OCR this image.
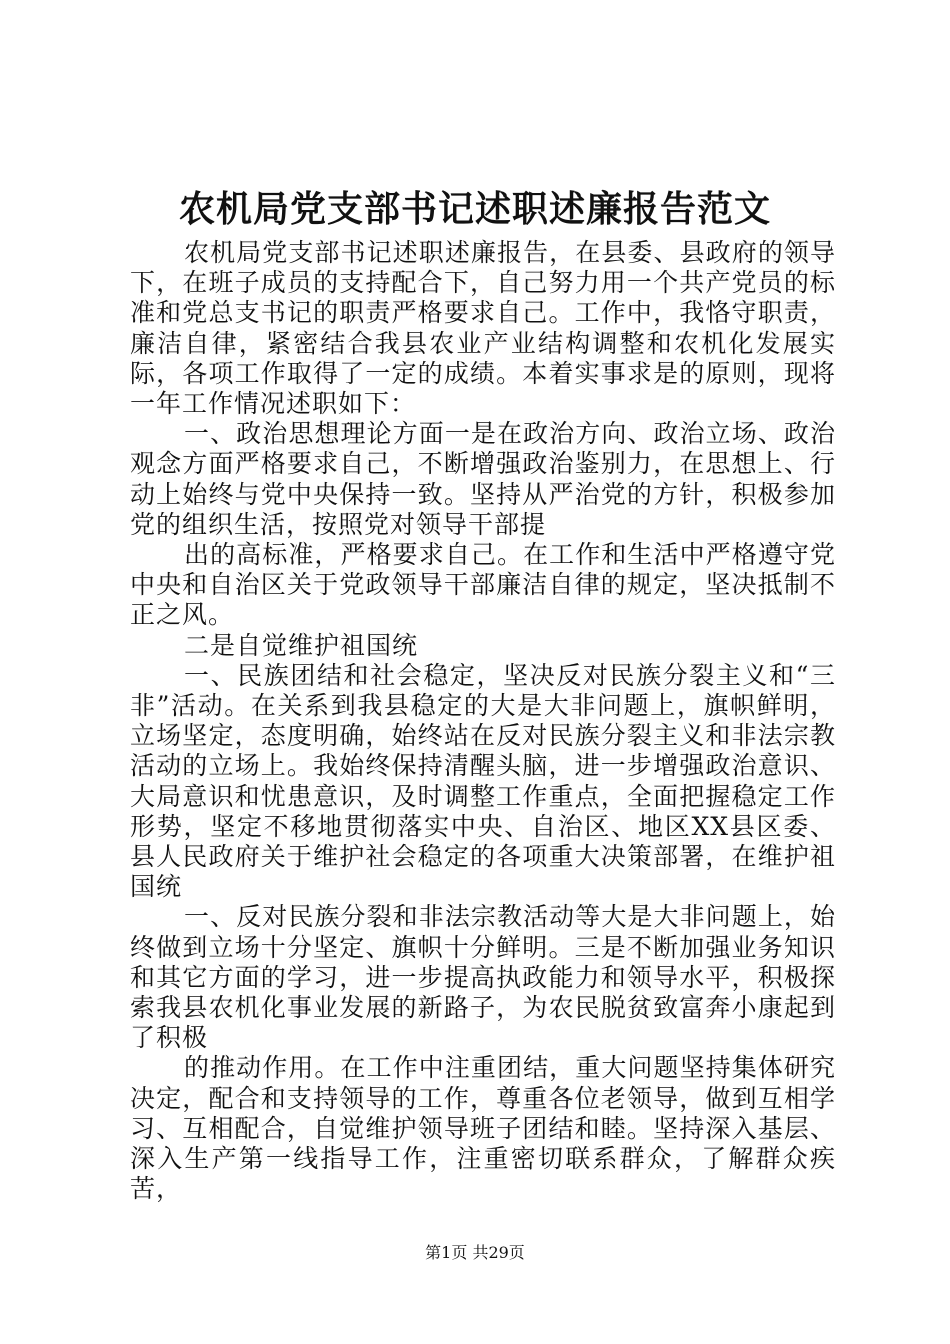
农机局党支部书记述职述廉报告范文

农机局党支部书记述职述廉报告，在县委、县政府的领导下，在班子成员的支持配合下，自己努力用一个共产党员的标准和党总支书记的职责严格要求自己。工作中，我恪守职责，廉洁自律，紧密结合我县农业产业结构调整和农机化发展实际，各项工作取得了一定的成绩。本着实事求是的原则，现将一年工作情况述职如下：

一、政治思想理论方面一是在政治方向、政治立场、政治观念方面严格要求自己，不断增强政治鉴别力，在思想上、行动上始终与党中央保持一致。坚持从严治党的方针，积极参加党的组织生活，按照党对领导干部提

出的高标准，严格要求自己。在工作和生活中严格遵守党中央和自治区关于党政领导干部廉洁自律的规定，坚决抵制不正之风。

二是自觉维护祖国统

一、民族团结和社会稳定，坚决反对民族分裂主义和“三非”活动。在关系到我县稳定的大是大非问题上，旗帜鲜明，立场坚定，态度明确，始终站在反对民族分裂主义和非法宗教活动的立场上。我始终保持清醒头脑，进一步增强政治意识、大局意识和忧患意识，及时调整工作重点，全面把握稳定工作形势，坚定不移地贯彻落实中央、自治区、地区XX县区委、县人民政府关于维护社会稳定的各项重大决策部署，在维护祖国统

一、反对民族分裂和非法宗教活动等大是大非问题上，始终做到立场十分坚定、旗帜十分鲜明。三是不断加强业务知识和其它方面的学习，进一步提高执政能力和领导水平，积极探索我县农机化事业发展的新路子，为农民脱贫致富奔小康起到了积极

的推动作用。在工作中注重团结，重大问题坚持集体研究决定，配合和支持领导的工作，尊重各位老领导，做到互相学习、互相配合，自觉维护领导班子团结和睦。坚持深入基层、深入生产第一线指导工作，注重密切联系群众，了解群众疾苦，

第1页 共29页
